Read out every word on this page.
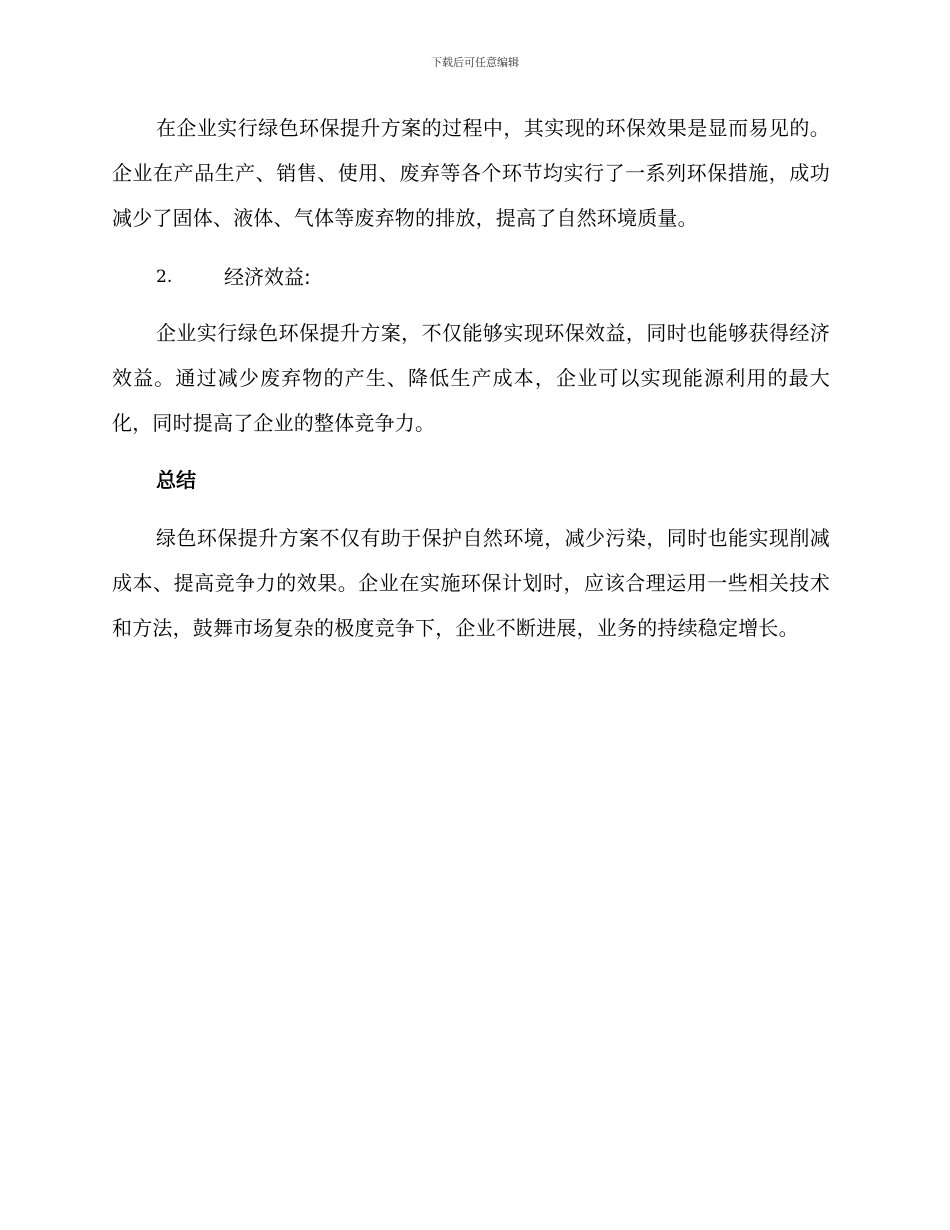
下载后可任意编辑

在企业实行绿色环保提升方案的过程中，其实现的环保效果是显而易见的。企业在产品生产、销售、使用、废弃等各个环节均实行了一系列环保措施，成功减少了固体、液体、气体等废弃物的排放，提高了自然环境质量。

2.	经济效益:

企业实行绿色环保提升方案，不仅能够实现环保效益，同时也能够获得经济效益。通过减少废弃物的产生、降低生产成本，企业可以实现能源利用的最大化，同时提高了企业的整体竞争力。

总结

绿色环保提升方案不仅有助于保护自然环境，减少污染，同时也能实现削减成本、提高竞争力的效果。企业在实施环保计划时，应该合理运用一些相关技术和方法，鼓舞市场复杂的极度竞争下，企业不断进展，业务的持续稳定增长。
